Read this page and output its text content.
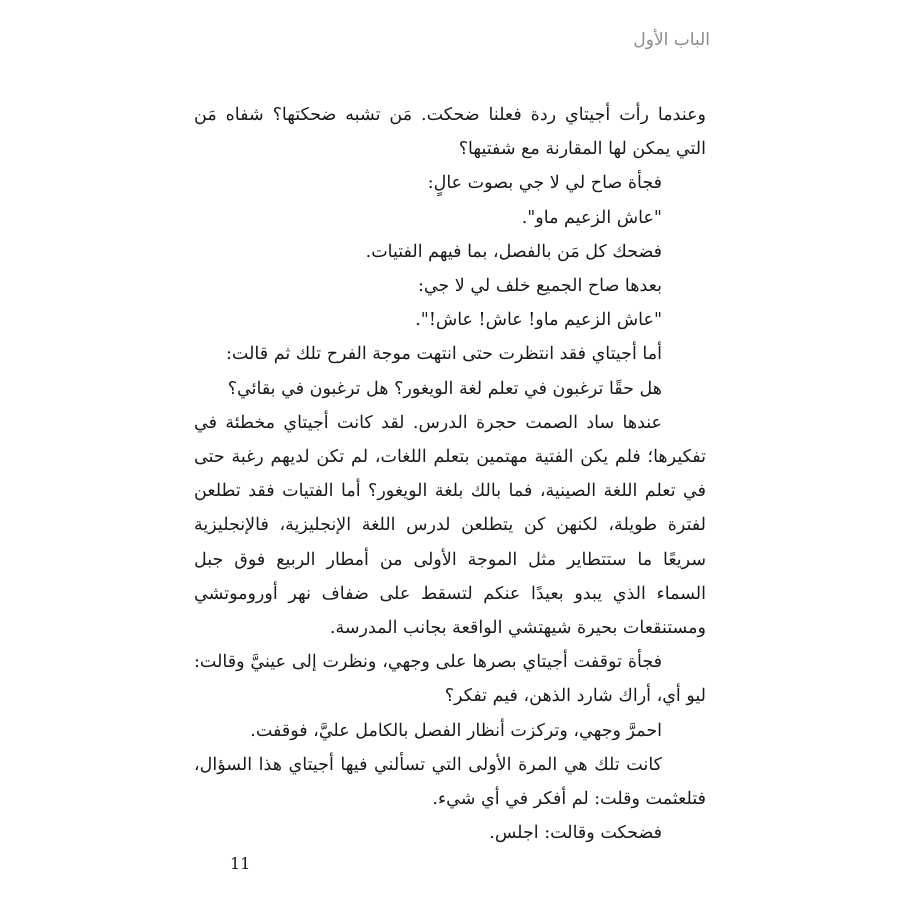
الباب الأول

وعندما رأت أجيتاي ردة فعلنا ضحكت. مَن تشبه ضحكتها؟ شفاه مَن التي يمكن لها المقارنة مع شفتيها؟

فجأة صاح لي لا جي بصوت عالٍ:

"عاش الزعيم ماو".

فضحك كل مَن بالفصل، بما فيهم الفتيات.

بعدها صاح الجميع خلف لي لا جي:

"عاش الزعيم ماو! عاش! عاش!".

أما أجيتاي فقد انتظرت حتى انتهت موجة الفرح تلك ثم قالت:

هل حقًا ترغبون في تعلم لغة الويغور؟ هل ترغبون في بقائي؟

عندها ساد الصمت حجرة الدرس. لقد كانت أجيتاي مخطئة في تفكيرها؛ فلم يكن الفتية مهتمين بتعلم اللغات، لم تكن لديهم رغبة حتى في تعلم اللغة الصينية، فما بالك بلغة الويغور؟ أما الفتيات فقد تطلعن لفترة طويلة، لكنهن كن يتطلعن لدرس اللغة الإنجليزية، فالإنجليزية سريعًا ما ستتطاير مثل الموجة الأولى من أمطار الربيع فوق جبل السماء الذي يبدو بعيدًا عنكم لتسقط على ضفاف نهر أوروموتشي ومستنقعات بحيرة شيهتشي الواقعة بجانب المدرسة.

فجأة توقفت أجيتاي بصرها على وجهي، ونظرت إلى عينيَّ وقالت: ليو أي، أراك شارد الذهن، فيم تفكر؟

احمرَّ وجهي، وتركزت أنظار الفصل بالكامل عليَّ، فوقفت.

كانت تلك هي المرة الأولى التي تسألني فيها أجيتاي هذا السؤال، فتلعثمت وقلت: لم أفكر في أي شيء.

فضحكت وقالت: اجلس.

11
